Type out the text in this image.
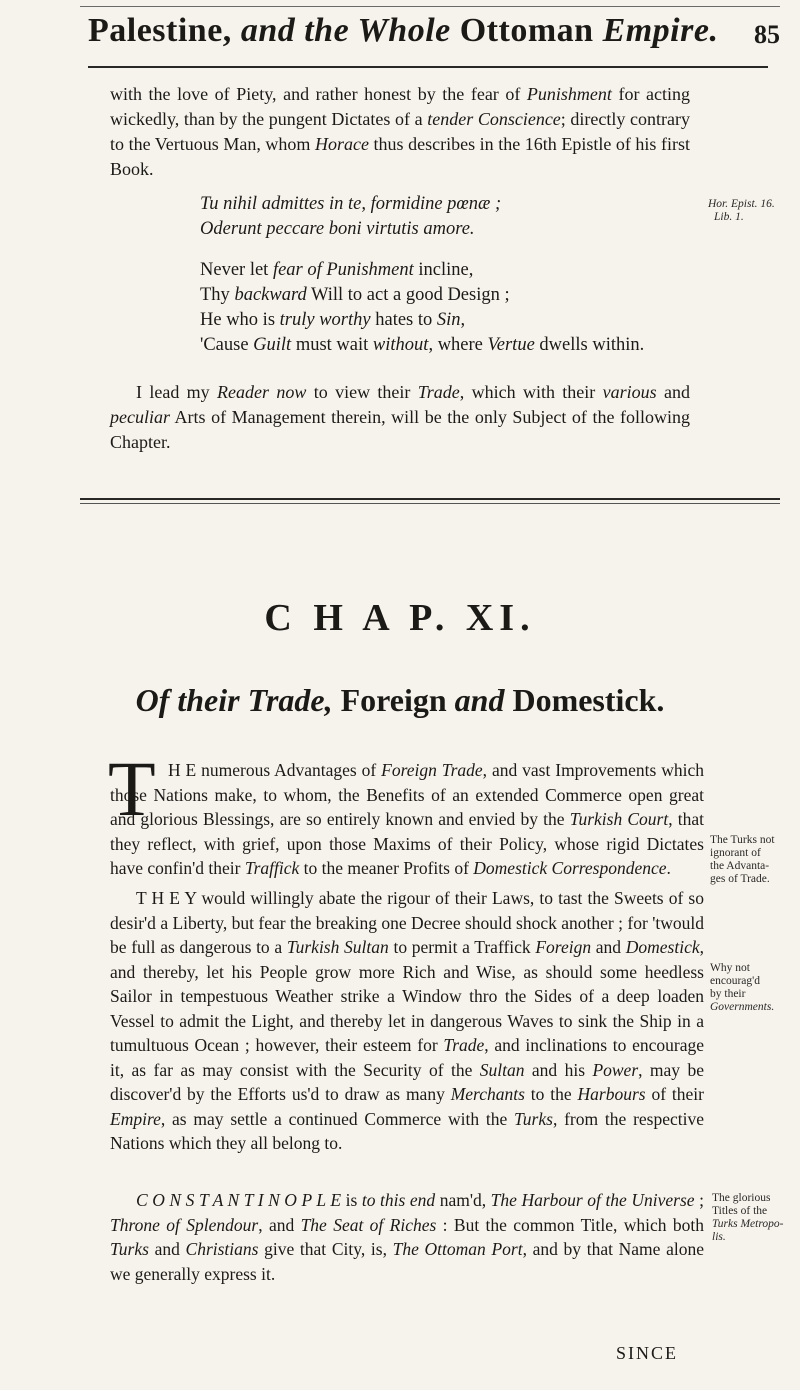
Palestine, and the Whole Ottoman Empire. 85

with the love of Piety, and rather honest by the fear of Punishment for acting wickedly, than by the pungent Dictates of a tender Conscience; directly contrary to the Vertuous Man, whom Horace thus describes in the 16th Epistle of his first Book.

Tu nihil admittes in te, formidine pœnæ ;
Oderunt peccare boni virtutis amore.
Hor. Epist. 16.
Lib. 1.
Never let fear of Punishment incline,
Thy backward Will to act a good Design ;
He who is truly worthy hates to Sin,
'Cause Guilt must wait without, where Vertue dwells within.

I lead my Reader now to view their Trade, which with their various and peculiar Arts of Management therein, will be the only Subject of the following Chapter.

C H A P. XI.
Of their Trade, Foreign and Domestick.
T H E numerous Advantages of Foreign Trade, and vast Improvements which those Nations make, to whom, the Benefits of an extended Commerce open great and glorious Blessings, are so entirely known and envied by the Turkish Court, that they reflect, with grief, upon those Maxims of their Policy, whose rigid Dictates have confin'd their Traffick to the meaner Profits of Domestick Correspondence.
The Turks not
ignorant of
the Advanta-
ges of Trade.
T H E Y would willingly abate the rigour of their Laws, to tast the Sweets of so desir'd a Liberty, but fear the breaking one Decree should shock another ; for 'twould be full as dangerous to a Turkish Sultan to permit a Traffick Foreign and Domestick, and thereby, let his People grow more Rich and Wise, as should some heedless Sailor in tempestuous Weather strike a Window thro the Sides of a deep loaden Vessel to admit the Light, and thereby let in dangerous Waves to sink the Ship in a tumultuous Ocean ; however, their esteem for Trade, and inclinations to encourage it, as far as may consist with the Security of the Sultan and his Power, may be discover'd by the Efforts us'd to draw as many Merchants to the Harbours of their Empire, as may settle a continued Commerce with the Turks, from the respective Nations which they all belong to.
Why not
encourag'd
by their
Governments.
C O N S T A N T I N O P L E is to this end nam'd, The Harbour of the Universe ; Throne of Splendour, and The Seat of Riches : But the common Title, which both Turks and Christians give that City, is, The Ottoman Port, and by that Name alone we generally express it.
The glorious
Titles of the
Turks Metropo-
lis.
SINCE
